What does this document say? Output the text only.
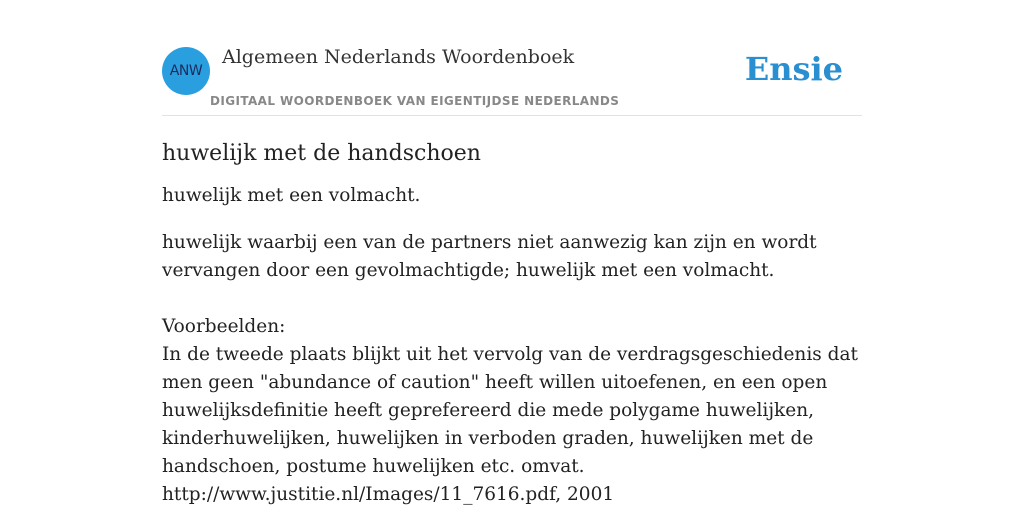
ANW
Algemeen Nederlands Woordenboek
DIGITAAL WOORDENBOEK VAN EIGENTIJDSE NEDERLANDS
Ensie
huwelijk met de handschoen

huwelijk met een volmacht.

huwelijk waarbij een van de partners niet aanwezig kan zijn en wordt vervangen door een gevolmachtigde; huwelijk met een volmacht.

Voorbeelden:

In de tweede plaats blijkt uit het vervolg van de verdragsgeschiedenis dat men geen "abundance of caution" heeft willen uitoefenen, en een open huwelijksdefinitie heeft geprefereerd die mede polygame huwelijken, kinderhuwelijken, huwelijken in verboden graden, huwelijken met de handschoen, postume huwelijken etc. omvat.

http://www.justitie.nl/Images/11_7616.pdf, 2001
